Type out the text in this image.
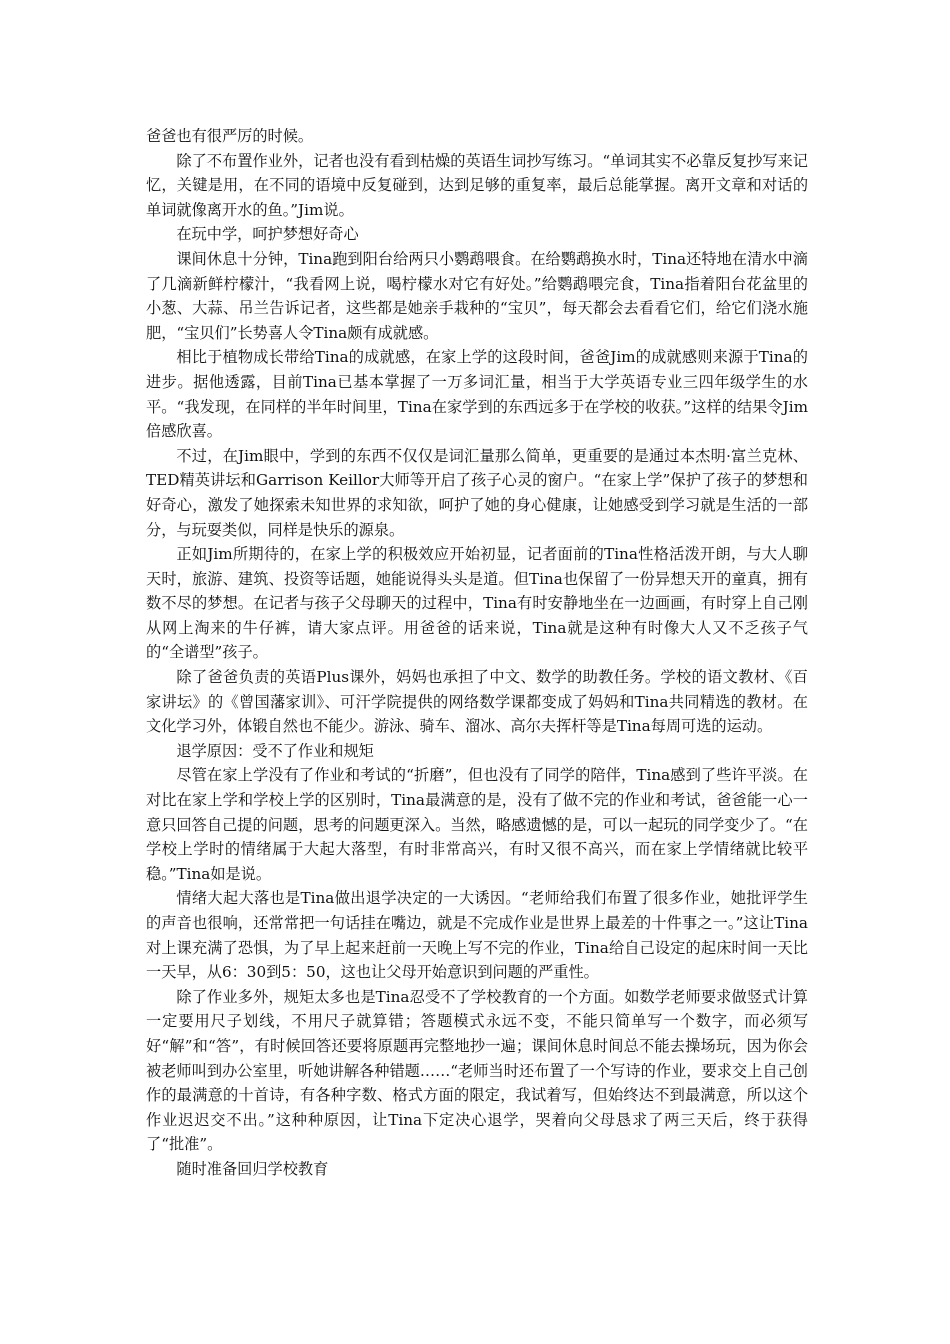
爸爸也有很严厉的时候。

除了不布置作业外，记者也没有看到枯燥的英语生词抄写练习。“单词其实不必靠反复抄写来记忆，关键是用，在不同的语境中反复碰到，达到足够的重复率，最后总能掌握。离开文章和对话的单词就像离开水的鱼。”Jim说。

在玩中学，呵护梦想好奇心

课间休息十分钟，Tina跑到阳台给两只小鹦鹉喂食。在给鹦鹉换水时，Tina还特地在清水中滴了几滴新鲜柠檬汁，“我看网上说，喝柠檬水对它有好处。”给鹦鹉喂完食，Tina指着阳台花盆里的小葱、大蒜、吊兰告诉记者，这些都是她亲手栽种的“宝贝”，每天都会去看看它们，给它们浇水施肥，“宝贝们”长势喜人令Tina颇有成就感。

相比于植物成长带给Tina的成就感，在家上学的这段时间，爸爸Jim的成就感则来源于Tina的进步。据他透露，目前Tina已基本掌握了一万多词汇量，相当于大学英语专业三四年级学生的水平。“我发现，在同样的半年时间里，Tina在家学到的东西远多于在学校的收获。”这样的结果令Jim倍感欣喜。

不过，在Jim眼中，学到的东西不仅仅是词汇量那么简单，更重要的是通过本杰明·富兰克林、TED精英讲坛和Garrison Keillor大师等开启了孩子心灵的窗户。“在家上学”保护了孩子的梦想和好奇心，激发了她探索未知世界的求知欲，呵护了她的身心健康，让她感受到学习就是生活的一部分，与玩耍类似，同样是快乐的源泉。

正如Jim所期待的，在家上学的积极效应开始初显，记者面前的Tina性格活泼开朗，与大人聊天时，旅游、建筑、投资等话题，她能说得头头是道。但Tina也保留了一份异想天开的童真，拥有数不尽的梦想。在记者与孩子父母聊天的过程中，Tina有时安静地坐在一边画画，有时穿上自己刚从网上淘来的牛仔裤，请大家点评。用爸爸的话来说，Tina就是这种有时像大人又不乏孩子气的“全谱型”孩子。

除了爸爸负责的英语Plus课外，妈妈也承担了中文、数学的助教任务。学校的语文教材、《百家讲坛》的《曾国藩家训》、可汗学院提供的网络数学课都变成了妈妈和Tina共同精选的教材。在文化学习外，体锻自然也不能少。游泳、骑车、溜冰、高尔夫挥杆等是Tina每周可选的运动。

退学原因：受不了作业和规矩

尽管在家上学没有了作业和考试的“折磨”，但也没有了同学的陪伴，Tina感到了些许平淡。在对比在家上学和学校上学的区别时，Tina最满意的是，没有了做不完的作业和考试，爸爸能一心一意只回答自己提的问题，思考的问题更深入。当然，略感遗憾的是，可以一起玩的同学变少了。“在学校上学时的情绪属于大起大落型，有时非常高兴，有时又很不高兴，而在家上学情绪就比较平稳。”Tina如是说。

情绪大起大落也是Tina做出退学决定的一大诱因。“老师给我们布置了很多作业，她批评学生的声音也很响，还常常把一句话挂在嘴边，就是不完成作业是世界上最差的十件事之一。”这让Tina对上课充满了恐惧，为了早上起来赶前一天晚上写不完的作业，Tina给自己设定的起床时间一天比一天早，从6：30到5：50，这也让父母开始意识到问题的严重性。

除了作业多外，规矩太多也是Tina忍受不了学校教育的一个方面。如数学老师要求做竖式计算一定要用尺子划线，不用尺子就算错；答题模式永远不变，不能只简单写一个数字，而必须写好“解”和“答”，有时候回答还要将原题再完整地抄一遍；课间休息时间总不能去操场玩，因为你会被老师叫到办公室里，听她讲解各种错题……“老师当时还布置了一个写诗的作业，要求交上自己创作的最满意的十首诗，有各种字数、格式方面的限定，我试着写，但始终达不到最满意，所以这个作业迟迟交不出。”这种种原因，让Tina下定决心退学，哭着向父母恳求了两三天后，终于获得了“批准”。

随时准备回归学校教育
